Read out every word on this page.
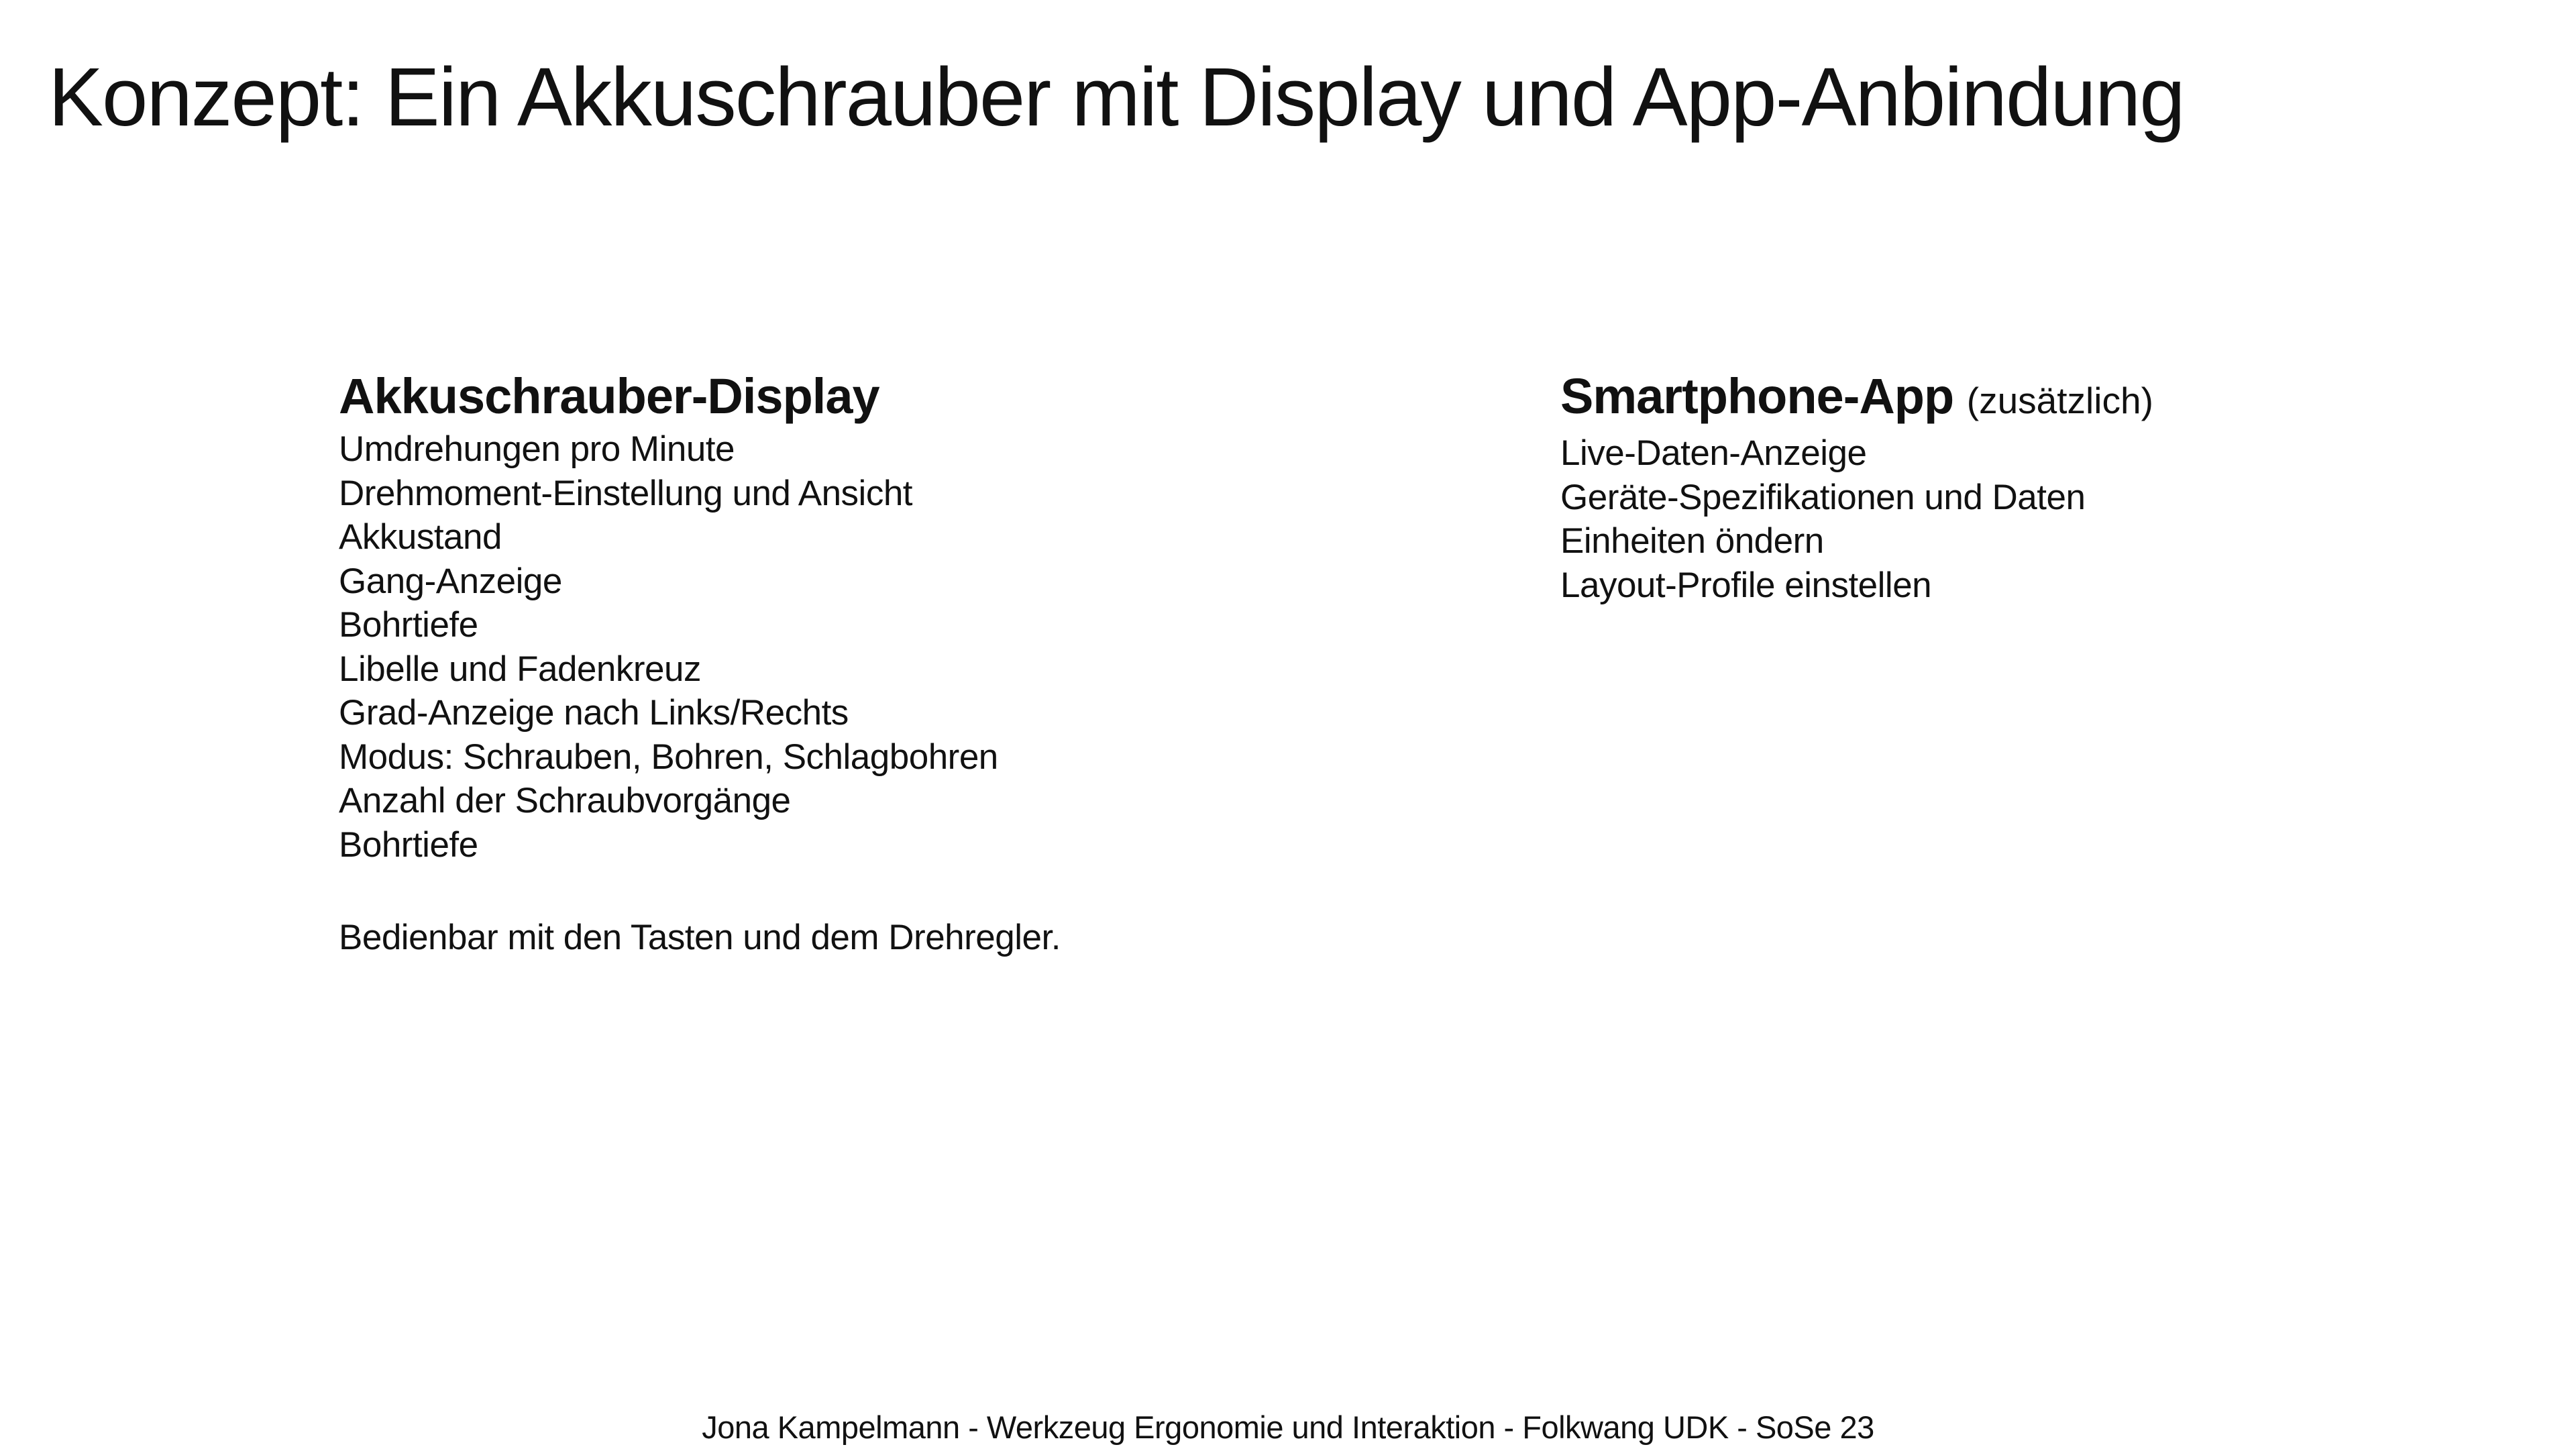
Konzept: Ein Akkuschrauber mit Display und App-Anbindung
Akkuschrauber-Display
Umdrehungen pro Minute
Drehmoment-Einstellung und Ansicht
Akkustand
Gang-Anzeige
Bohrtiefe
Libelle und Fadenkreuz
Grad-Anzeige nach Links/Rechts
Modus: Schrauben, Bohren, Schlagbohren
Anzahl der Schraubvorgänge
Bohrtiefe
Bedienbar mit den Tasten und dem Drehregler.
Smartphone-App (zusätzlich)
Live-Daten-Anzeige
Geräte-Spezifikationen und Daten
Einheiten öndern
Layout-Profile einstellen
Jona Kampelmann - Werkzeug Ergonomie und Interaktion - Folkwang UDK - SoSe 23
